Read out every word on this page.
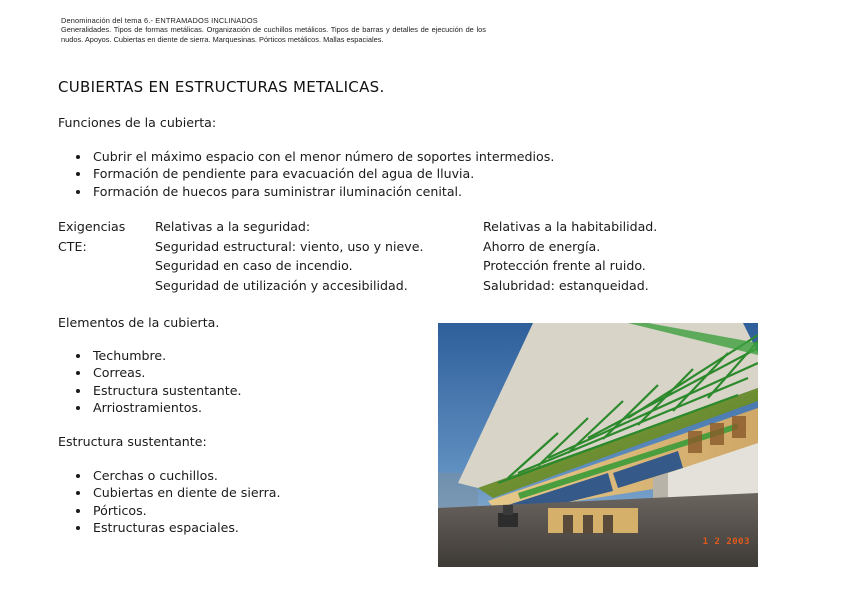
Denominación del tema 6.- ENTRAMADOS INCLINADOS
Generalidades. Tipos de formas metálicas. Organización de cuchillos metálicos. Tipos de barras y detalles de ejecución de los nudos. Apoyos. Cubiertas en diente de sierra. Marquesinas. Pórticos metálicos. Mallas espaciales.
CUBIERTAS EN ESTRUCTURAS METALICAS.
Funciones de la cubierta:
Cubrir el máximo espacio con el menor número de soportes intermedios.
Formación de pendiente para evacuación del agua de lluvia.
Formación de huecos para suministrar iluminación cenital.
Exigencias
CTE:
Relativas a la seguridad:
Seguridad estructural: viento, uso y nieve.
Seguridad en caso de incendio.
Seguridad de utilización y accesibilidad.
Relativas a la habitabilidad.
Ahorro de energía.
Protección frente al ruido.
Salubridad: estanqueidad.
Elementos de la cubierta.
Techumbre.
Correas.
Estructura sustentante.
Arriostramientos.
Estructura sustentante:
Cerchas o cuchillos.
Cubiertas en diente de sierra.
Pórticos.
Estructuras espaciales.
1 2 2003
